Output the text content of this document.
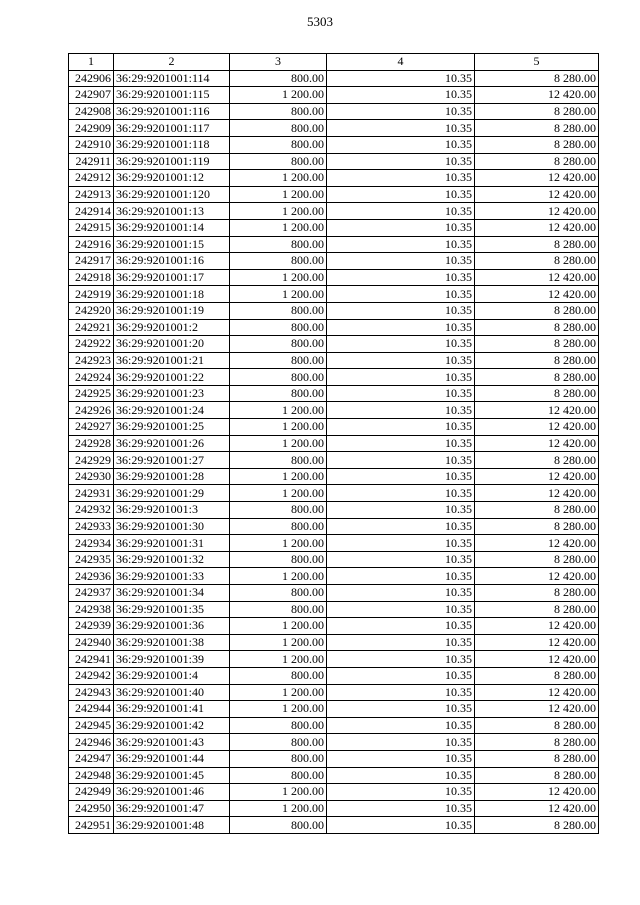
5303
1	2	3	4	5
242906	36:29:9201001:114	800.00	10.35	8 280.00
242907	36:29:9201001:115	1 200.00	10.35	12 420.00
242908	36:29:9201001:116	800.00	10.35	8 280.00
242909	36:29:9201001:117	800.00	10.35	8 280.00
242910	36:29:9201001:118	800.00	10.35	8 280.00
242911	36:29:9201001:119	800.00	10.35	8 280.00
242912	36:29:9201001:12	1 200.00	10.35	12 420.00
242913	36:29:9201001:120	1 200.00	10.35	12 420.00
242914	36:29:9201001:13	1 200.00	10.35	12 420.00
242915	36:29:9201001:14	1 200.00	10.35	12 420.00
242916	36:29:9201001:15	800.00	10.35	8 280.00
242917	36:29:9201001:16	800.00	10.35	8 280.00
242918	36:29:9201001:17	1 200.00	10.35	12 420.00
242919	36:29:9201001:18	1 200.00	10.35	12 420.00
242920	36:29:9201001:19	800.00	10.35	8 280.00
242921	36:29:9201001:2	800.00	10.35	8 280.00
242922	36:29:9201001:20	800.00	10.35	8 280.00
242923	36:29:9201001:21	800.00	10.35	8 280.00
242924	36:29:9201001:22	800.00	10.35	8 280.00
242925	36:29:9201001:23	800.00	10.35	8 280.00
242926	36:29:9201001:24	1 200.00	10.35	12 420.00
242927	36:29:9201001:25	1 200.00	10.35	12 420.00
242928	36:29:9201001:26	1 200.00	10.35	12 420.00
242929	36:29:9201001:27	800.00	10.35	8 280.00
242930	36:29:9201001:28	1 200.00	10.35	12 420.00
242931	36:29:9201001:29	1 200.00	10.35	12 420.00
242932	36:29:9201001:3	800.00	10.35	8 280.00
242933	36:29:9201001:30	800.00	10.35	8 280.00
242934	36:29:9201001:31	1 200.00	10.35	12 420.00
242935	36:29:9201001:32	800.00	10.35	8 280.00
242936	36:29:9201001:33	1 200.00	10.35	12 420.00
242937	36:29:9201001:34	800.00	10.35	8 280.00
242938	36:29:9201001:35	800.00	10.35	8 280.00
242939	36:29:9201001:36	1 200.00	10.35	12 420.00
242940	36:29:9201001:38	1 200.00	10.35	12 420.00
242941	36:29:9201001:39	1 200.00	10.35	12 420.00
242942	36:29:9201001:4	800.00	10.35	8 280.00
242943	36:29:9201001:40	1 200.00	10.35	12 420.00
242944	36:29:9201001:41	1 200.00	10.35	12 420.00
242945	36:29:9201001:42	800.00	10.35	8 280.00
242946	36:29:9201001:43	800.00	10.35	8 280.00
242947	36:29:9201001:44	800.00	10.35	8 280.00
242948	36:29:9201001:45	800.00	10.35	8 280.00
242949	36:29:9201001:46	1 200.00	10.35	12 420.00
242950	36:29:9201001:47	1 200.00	10.35	12 420.00
242951	36:29:9201001:48	800.00	10.35	8 280.00
